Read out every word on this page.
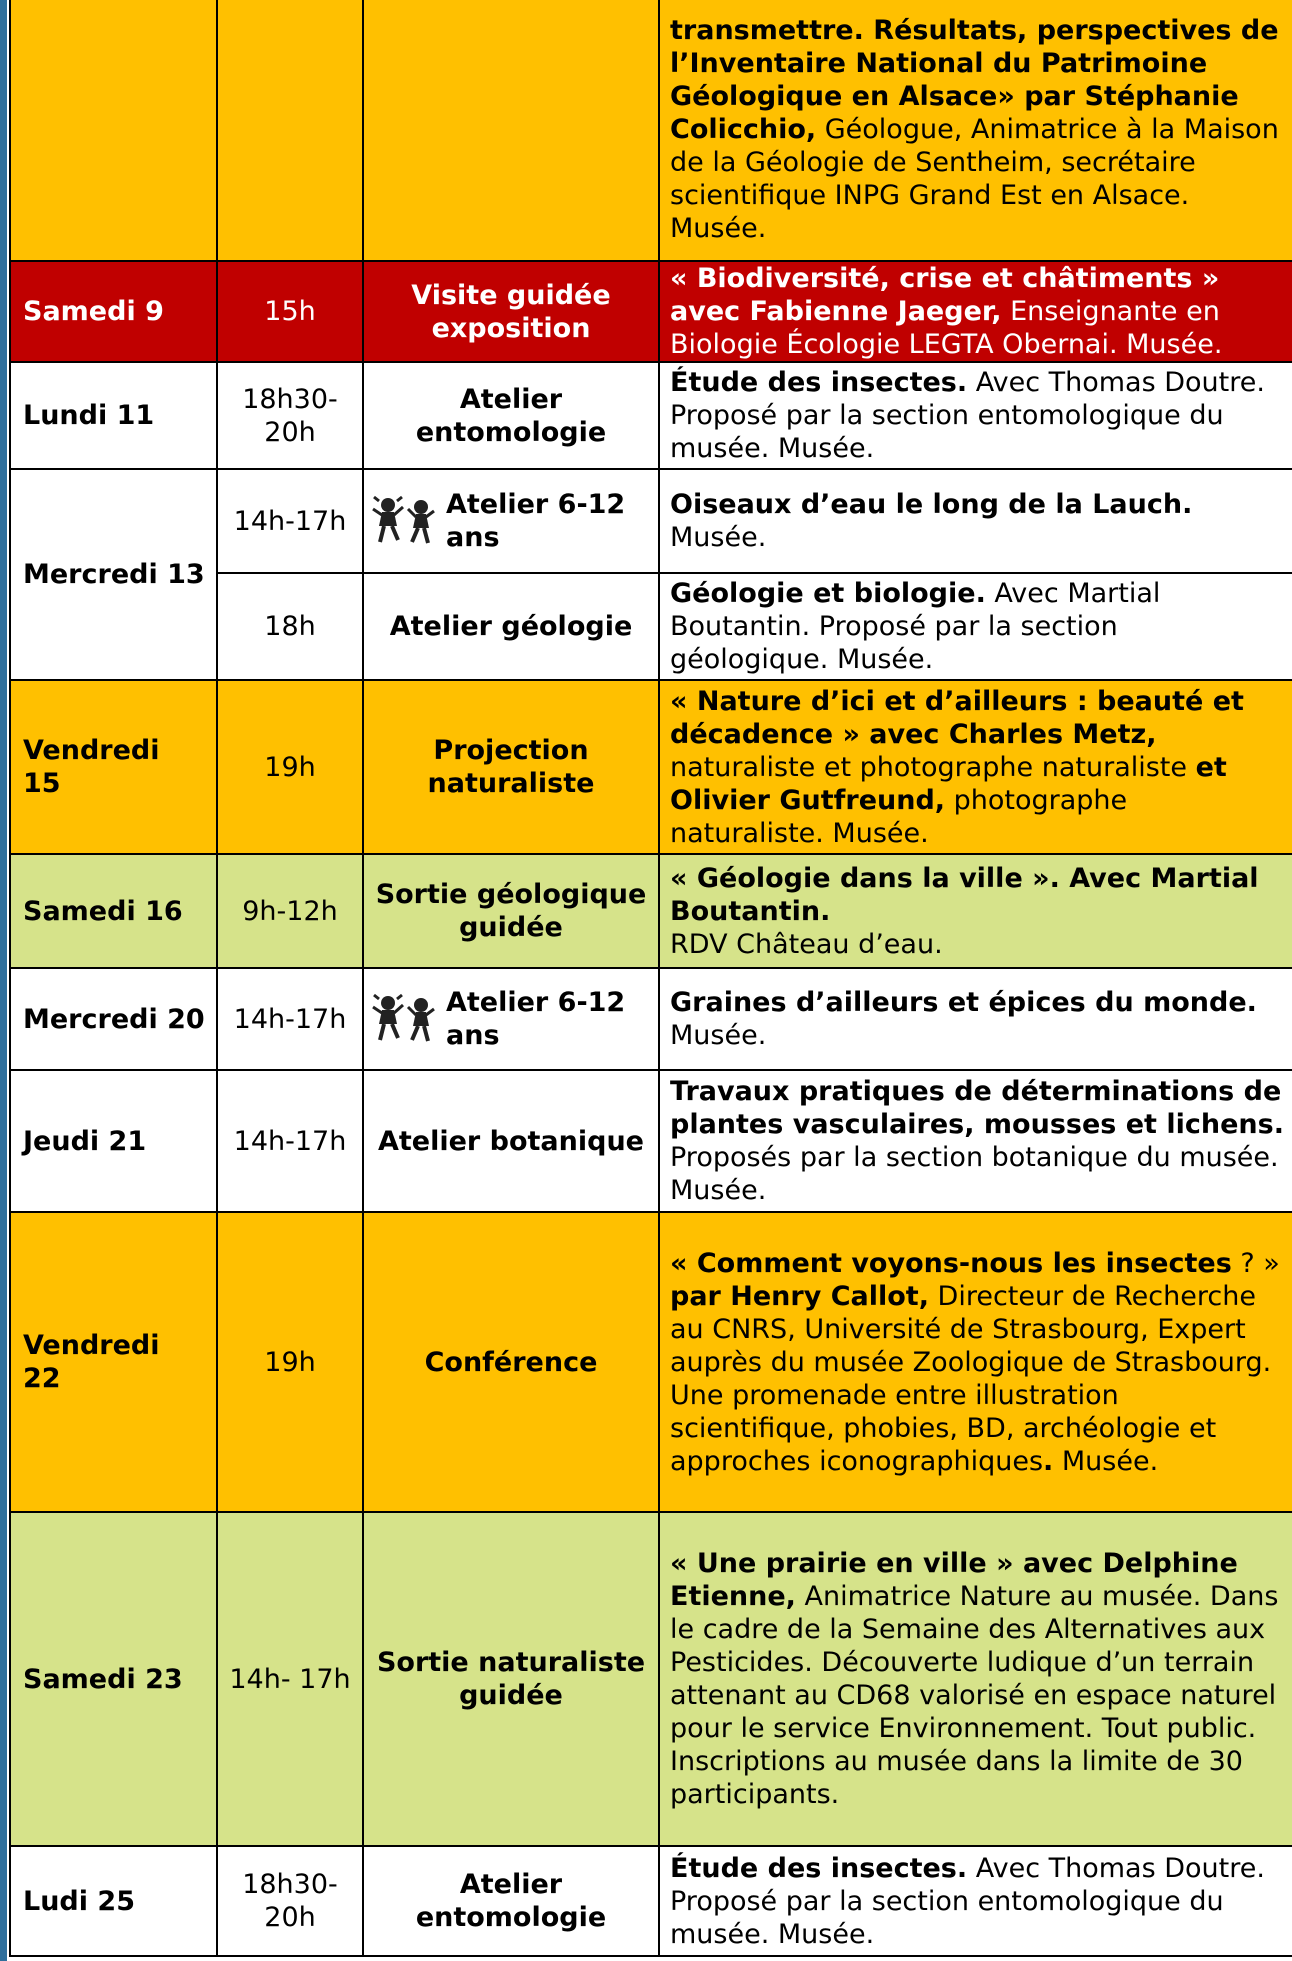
			transmettre. Résultats, perspectives de l’Inventaire National du Patrimoine Géologique en Alsace» par Stéphanie Colicchio, Géologue, Animatrice à la Maison de la Géologie de Sentheim, secrétaire scientifique INPG Grand Est en Alsace. Musée.
Samedi 9	15h	Visite guidée exposition	« Biodiversité, crise et châtiments » avec Fabienne Jaeger, Enseignante en Biologie Écologie LEGTA Obernai. Musée.
Lundi 11	18h30-20h	Atelier entomologie	Étude des insectes. Avec Thomas Doutre. Proposé par la section entomologique du musée. Musée.
Mercredi 13	14h-17h	Atelier 6-12 ans	Oiseaux d’eau le long de la Lauch. Musée.
	18h	Atelier géologie	Géologie et biologie. Avec Martial Boutantin. Proposé par la section géologique. Musée.
Vendredi 15	19h	Projection naturaliste	« Nature d’ici et d’ailleurs : beauté et décadence » avec Charles Metz, naturaliste et photographe naturaliste et Olivier Gutfreund, photographe naturaliste. Musée.
Samedi 16	9h-12h	Sortie géologique guidée	« Géologie dans la ville ». Avec Martial Boutantin.
RDV Château d’eau.
Mercredi 20	14h-17h	Atelier 6-12 ans	Graines d’ailleurs et épices du monde. Musée.
Jeudi 21	14h-17h	Atelier botanique	Travaux pratiques de déterminations de plantes vasculaires, mousses et lichens. Proposés par la section botanique du musée. Musée.
Vendredi 22	19h	Conférence	« Comment voyons-nous les insectes ? » par Henry Callot, Directeur de Recherche au CNRS, Université de Strasbourg, Expert auprès du musée Zoologique de Strasbourg. Une promenade entre illustration scientifique, phobies, BD, archéologie et approches iconographiques. Musée.
Samedi 23	14h- 17h	Sortie naturaliste guidée	« Une prairie en ville » avec Delphine Etienne, Animatrice Nature au musée. Dans le cadre de la Semaine des Alternatives aux Pesticides. Découverte ludique d’un terrain attenant au CD68 valorisé en espace naturel pour le service Environnement. Tout public. Inscriptions au musée dans la limite de 30 participants.
Ludi 25	18h30-20h	Atelier entomologie	Étude des insectes. Avec Thomas Doutre. Proposé par la section entomologique du musée. Musée.
